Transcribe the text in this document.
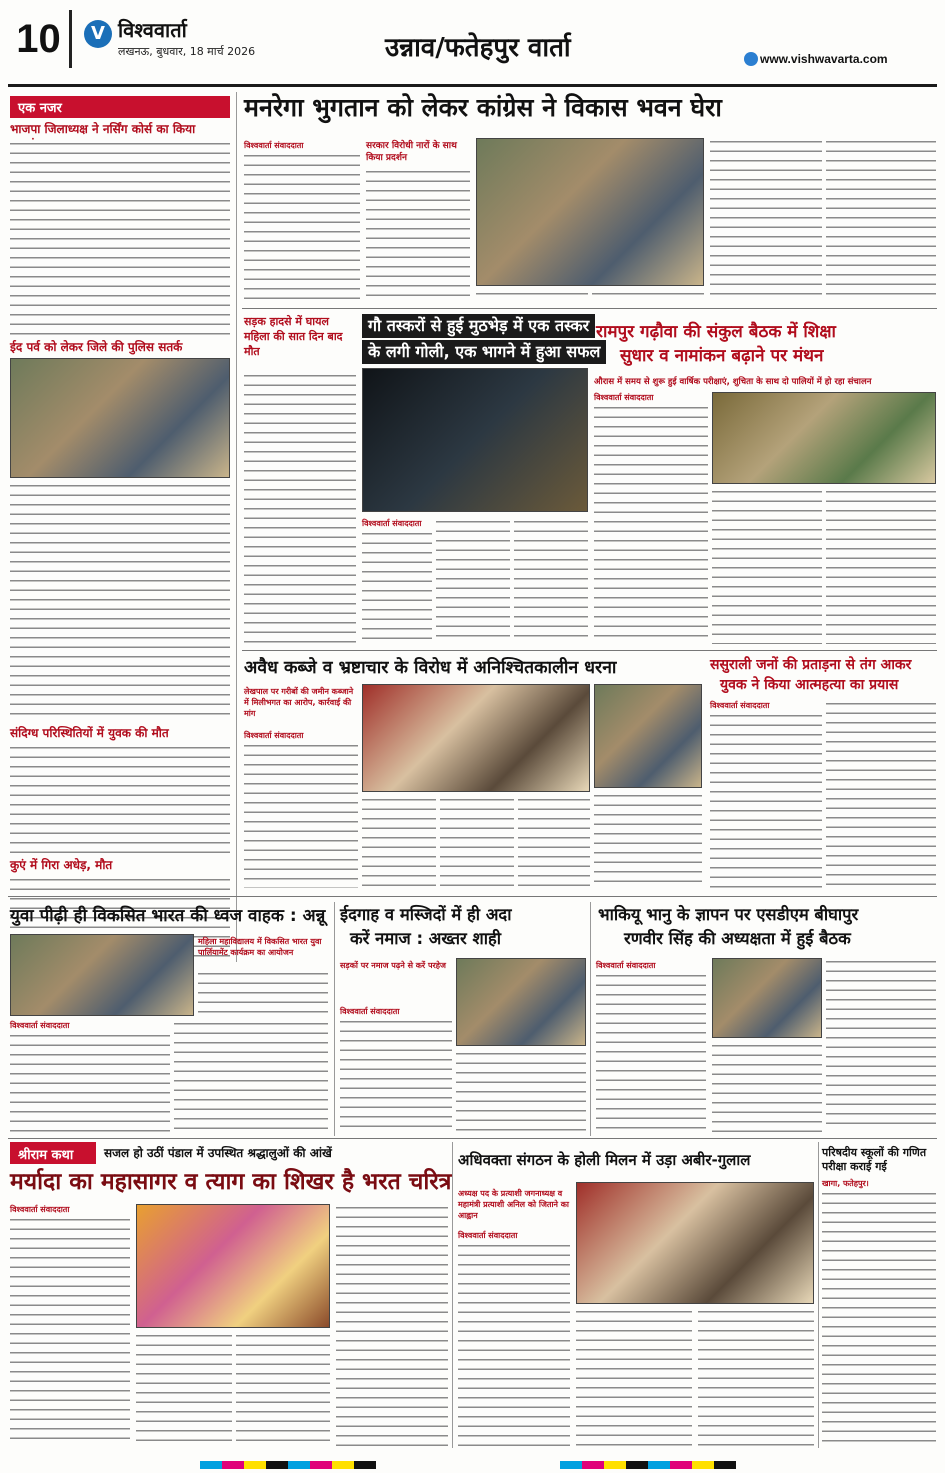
10	V विश्ववार्ता
लखनऊ, बुधवार, 18 मार्च 2026	उन्नाव/फतेहपुर वार्ता	www.vishwavarta.com
एक नजर
भाजपा जिलाध्यक्ष ने नर्सिंग कोर्स का किया
ईद पर्व को लेकर जिले की पुलिस सतर्क
संदिग्ध परिस्थितियों में युवक की मौत
कुएं में गिरा अधेड़, मौत
मनरेगा भुगतान को लेकर कांग्रेस ने विकास भवन घेरा
विश्ववार्ता संवाददाता	सरकार विरोधी नारों के साथ किया प्रदर्शन
सड़क हादसे में घायल महिला की सात दिन बाद मौत
गौ तस्करों से हुई मुठभेड़ में एक तस्कर
के लगी गोली, एक भागने में हुआ सफल
विश्ववार्ता संवाददाता
रामपुर गढ़ौवा की संकुल बैठक में शिक्षा
सुधार व नामांकन बढ़ाने पर मंथन
औरास में समय से शुरू हुई वार्षिक परीक्षाएं, शुचिता के साथ दो पालियों में हो रहा संचालन
विश्ववार्ता संवाददाता
अवैध कब्जे व भ्रष्टाचार के विरोध में अनिश्चितकालीन धरना
लेखपाल पर गरीबों की जमीन कब्जाने में मिलीभगत का आरोप, कार्रवाई की मांग
विश्ववार्ता संवाददाता
ससुराली जनों की प्रताड़ना से तंग आकर
युवक ने किया आत्महत्या का प्रयास
विश्ववार्ता संवाददाता
युवा पीढ़ी ही विकसित भारत की ध्वज वाहक : अन्नू
महिला महाविद्यालय में विकसित भारत युवा पार्लियामेंट कार्यक्रम का आयोजन
विश्ववार्ता संवाददाता
ईदगाह व मस्जिदों में ही अदा
करें नमाज : अख्तर शाही
सड़कों पर नमाज पढ़ने से करें परहेज
विश्ववार्ता संवाददाता
भाकियू भानु के ज्ञापन पर एसडीएम बीघापुर
रणवीर सिंह की अध्यक्षता में हुई बैठक
विश्ववार्ता संवाददाता
श्रीराम कथा	सजल हो उठीं पंडाल में उपस्थित श्रद्धालुओं की आंखें
मर्यादा का महासागर व त्याग का शिखर है भरत चरित्र
विश्ववार्ता संवाददाता
अधिवक्ता संगठन के होली मिलन में उड़ा अबीर-गुलाल
अध्यक्ष पद के प्रत्याशी जगनाध्यक्ष व महामंत्री प्रत्याशी अनिल को जिताने का आह्वान
विश्ववार्ता संवाददाता
परिषदीय स्कूलों की गणित परीक्षा कराई गई
खागा, फतेहपुर।
